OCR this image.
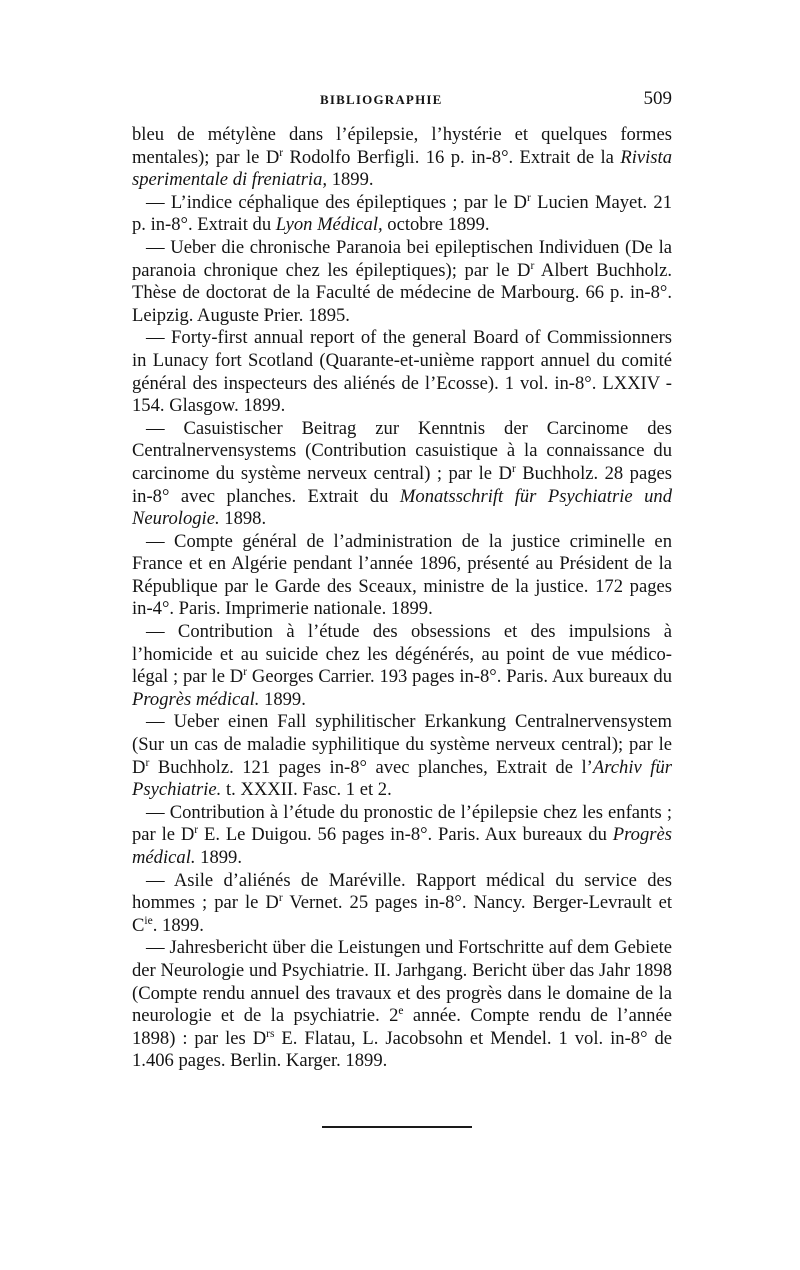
BIBLIOGRAPHIE	509

bleu de métylène dans l’épilepsie, l’hystérie et quelques formes mentales); par le $D^r$ Rodolfo Berfigli. 16 p. in-8°. Extrait de la Rivista sperimentale di freniatria, 1899.

— L’indice céphalique des épileptiques ; par le $D^r$ Lucien Mayet. 21 p. in-8°. Extrait du Lyon Médical, octobre 1899.

— Ueber die chronische Paranoia bei epileptischen Individuen (De la paranoia chronique chez les épileptiques); par le $D^r$ Albert Buchholz. Thèse de doctorat de la Faculté de médecine de Marbourg. 66 p. in-8°. Leipzig. Auguste Prier. 1895.

— Forty-first annual report of the general Board of Commissionners in Lunacy fort Scotland (Quarante-et-unième rapport annuel du comité général des inspecteurs des aliénés de l’Ecosse). 1 vol. in-8°. LXXIV - 154. Glasgow. 1899.

— Casuistischer Beitrag zur Kenntnis der Carcinome des Centralnervensystems (Contribution casuistique à la connaissance du carcinome du système nerveux central) ; par le $D^r$ Buchholz. 28 pages in-8° avec planches. Extrait du Monatsschrift für Psychiatrie und Neurologie. 1898.

— Compte général de l’administration de la justice criminelle en France et en Algérie pendant l’année 1896, présenté au Président de la République par le Garde des Sceaux, ministre de la justice. 172 pages in-4°. Paris. Imprimerie nationale. 1899.

— Contribution à l’étude des obsessions et des impulsions à l’homicide et au suicide chez les dégénérés, au point de vue médico-légal ; par le $D^r$ Georges Carrier. 193 pages in-8°. Paris. Aux bureaux du Progrès médical. 1899.

— Ueber einen Fall syphilitischer Erkankung Centralnervensystem (Sur un cas de maladie syphilitique du système nerveux central); par le $D^r$ Buchholz. 121 pages in-8° avec planches, Extrait de l’Archiv für Psychiatrie. t. XXXII. Fasc. 1 et 2.

— Contribution à l’étude du pronostic de l’épilepsie chez les enfants ; par le $D^r$ E. Le Duigou. 56 pages in-8°. Paris. Aux bureaux du Progrès médical. 1899.

— Asile d’aliénés de Maréville. Rapport médical du service des hommes ; par le $D^r$ Vernet. 25 pages in-8°. Nancy. Berger-Levrault et $C^{ie}$. 1899.

— Jahresbericht über die Leistungen und Fortschritte auf dem Gebiete der Neurologie und Psychiatrie. II. Jarhgang. Bericht über das Jahr 1898 (Compte rendu annuel des travaux et des progrès dans le domaine de la neurologie et de la psychiatrie. 2e année. Compte rendu de l’année 1898) : par les $D^{rs}$ E. Flatau, L. Jacobsohn et Mendel. 1 vol. in-8° de 1.406 pages. Berlin. Karger. 1899.
